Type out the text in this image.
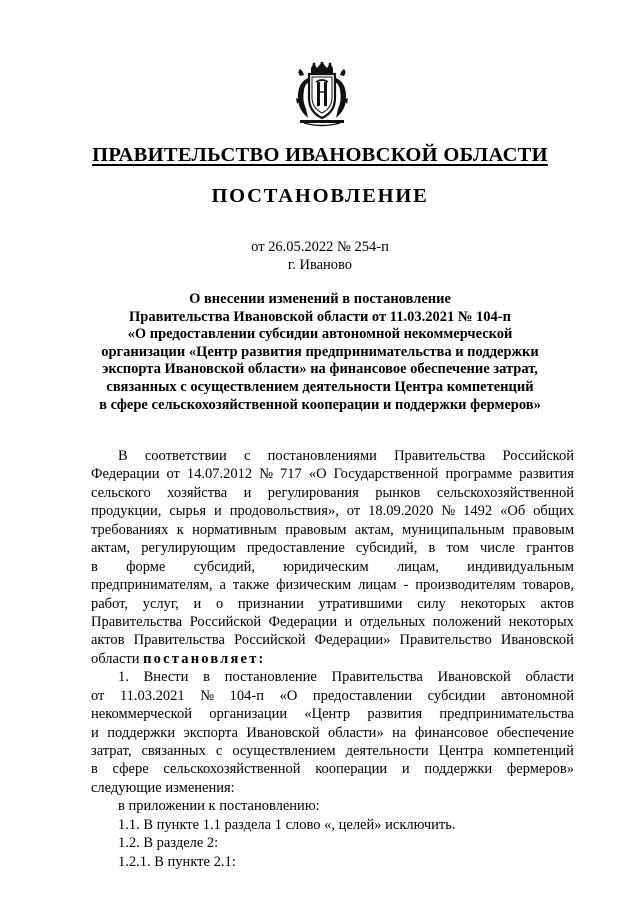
ПРАВИТЕЛЬСТВО ИВАНОВСКОЙ ОБЛАСТИ
ПОСТАНОВЛЕНИЕ
от 26.05.2022 № 254-п
г. Иваново
О внесении изменений в постановление
Правительства Ивановской области от 11.03.2021 № 104-п
«О предоставлении субсидии автономной некоммерческой
организации «Центр развития предпринимательства и поддержки
экспорта Ивановской области» на финансовое обеспечение затрат,
связанных с осуществлением деятельности Центра компетенций
в сфере сельскохозяйственной кооперации и поддержки фермеров»
В соответствии с постановлениями Правительства Российской
Федерации от 14.07.2012 № 717 «О Государственной программе развития
сельского хозяйства и регулирования рынков сельскохозяйственной
продукции, сырья и продовольствия», от 18.09.2020 № 1492 «Об общих
требованиях к нормативным правовым актам, муниципальным правовым
актам, регулирующим предоставление субсидий, в том числе грантов
в форме субсидий, юридическим лицам, индивидуальным
предпринимателям, а также физическим лицам - производителям товаров,
работ, услуг, и о признании утратившими силу некоторых актов
Правительства Российской Федерации и отдельных положений некоторых
актов Правительства Российской Федерации» Правительство Ивановской
области
постановляет:
1. Внести в постановление Правительства Ивановской области
от 11.03.2021 № 104-п «О предоставлении субсидии автономной
некоммерческой организации «Центр развития предпринимательства
и поддержки экспорта Ивановской области» на финансовое обеспечение
затрат, связанных с осуществлением деятельности Центра компетенций
в сфере сельскохозяйственной кооперации и поддержки фермеров»
следующие изменения:
в приложении к постановлению:
1.1. В пункте 1.1 раздела 1 слово «, целей» исключить.
1.2. В разделе 2:
1.2.1. В пункте 2.1:
